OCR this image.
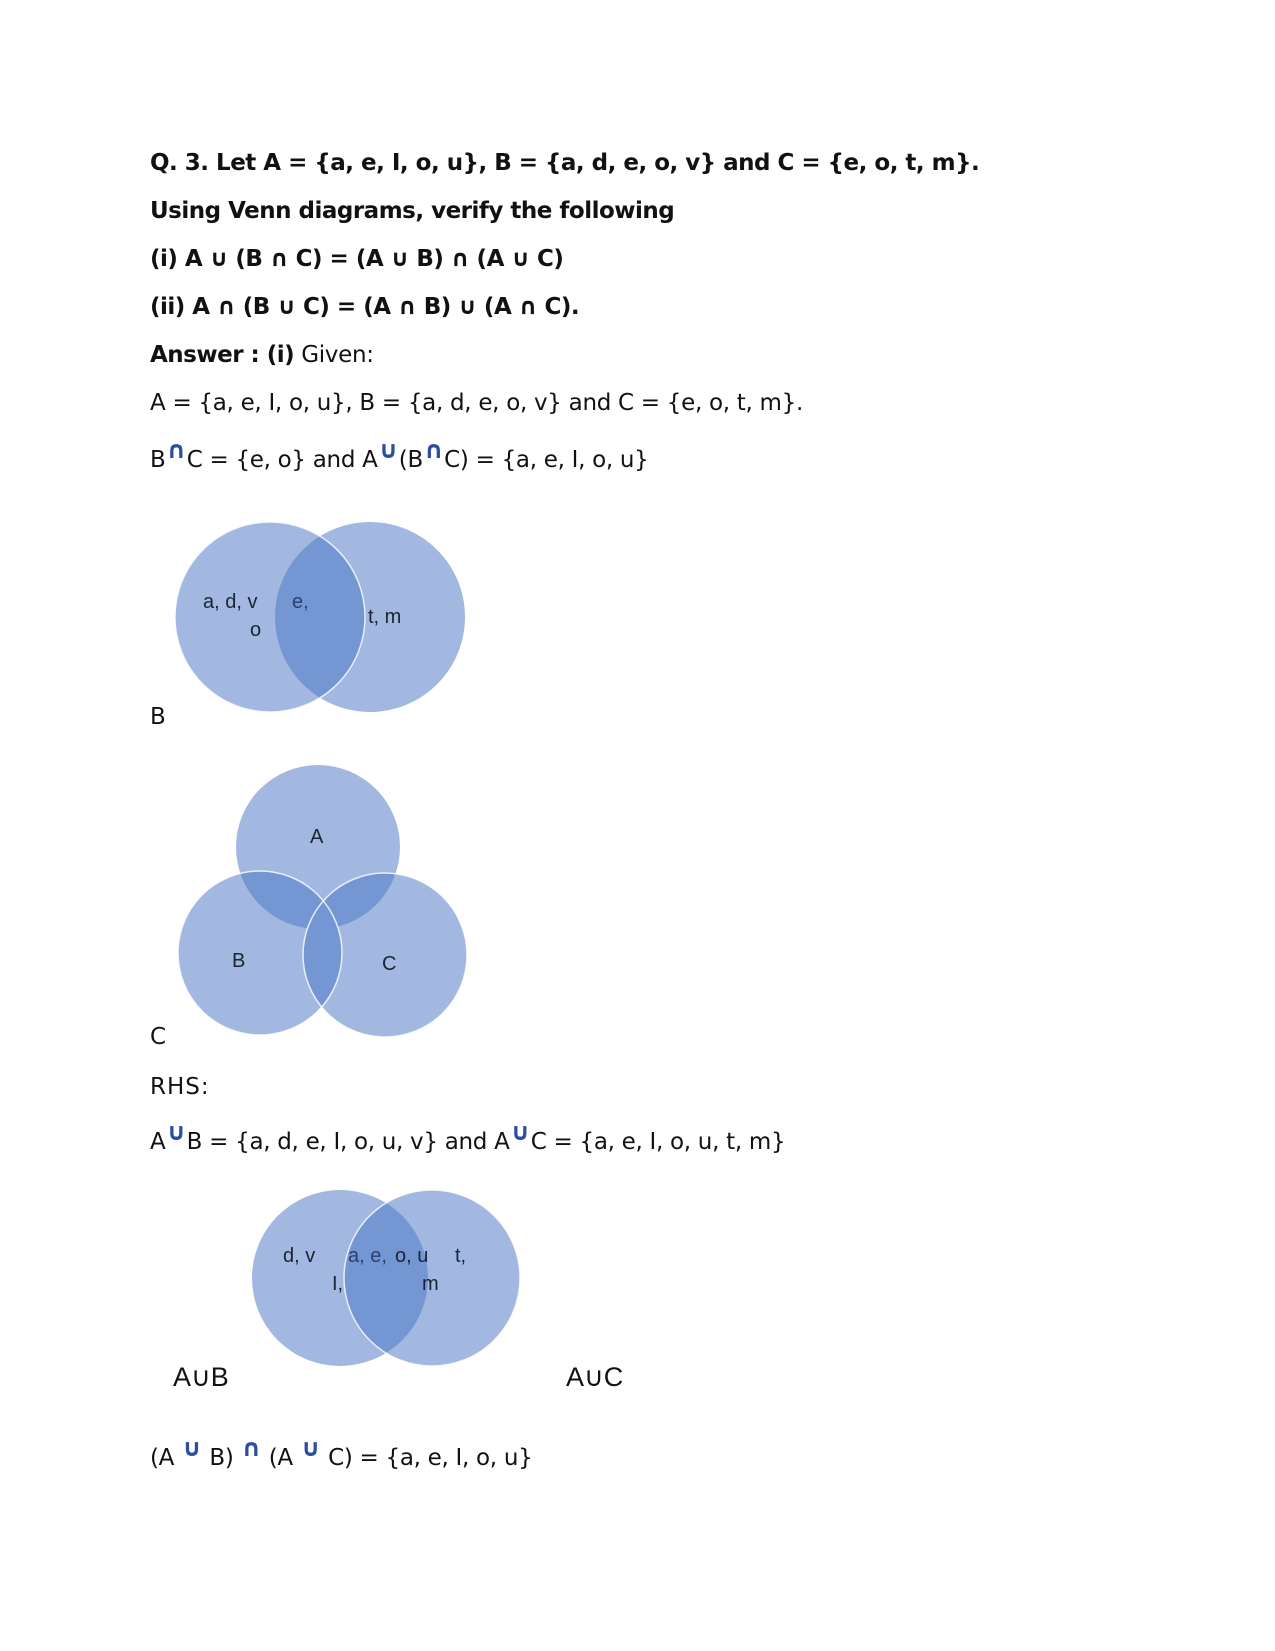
Q. 3. Let A = {a, e, I, o, u}, B = {a, d, e, o, v} and C = {e, o, t, m}.
Using Venn diagrams, verify the following
(i) A ∪ (B ∩ C) = (A ∪ B) ∩ (A ∪ C)
(ii) A ∩ (B ∪ C) = (A ∩ B) ∪ (A ∩ C).
Answer : (i) Given:
A = {a, e, I, o, u}, B = {a, d, e, o, v} and C = {e, o, t, m}.
B∩C = {e, o} and A∪(B∩C) = {a, e, I, o, u}
a, d, v
o
e,
t, m
B
A
B	C
C
RHS:
A∪B = {a, d, e, I, o, u, v} and A∪C = {a, e, I, o, u, t, m}
d, v
I,
a, e, o, u t,
m
A∪B	A∪C
(A ∪ B) ∩ (A ∪ C) = {a, e, I, o, u}
